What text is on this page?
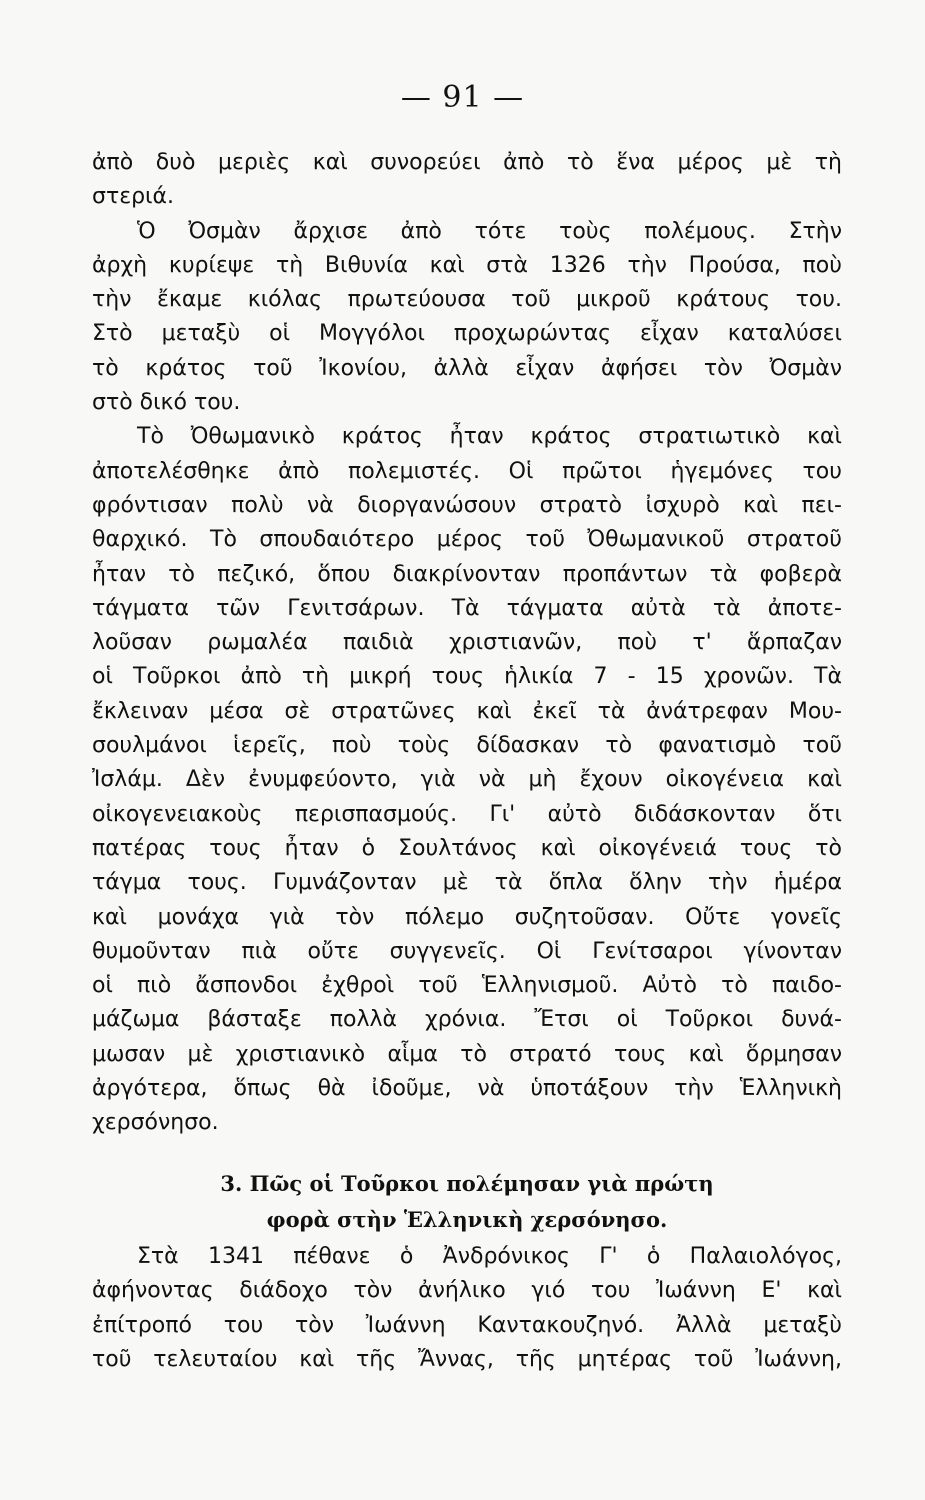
— 91 —
ἀπὸ δυὸ μεριὲς καὶ συνορεύει ἀπὸ τὸ ἕνα μέρος μὲ τὴ
στεριά.
Ὁ Ὀσμὰν ἄρχισε ἀπὸ τότε τοὺς πολέμους. Στὴν
ἀρχὴ κυρίεψε τὴ Βιθυνία καὶ στὰ 1326 τὴν Προύσα, ποὺ
τὴν ἔκαμε κιόλας πρωτεύουσα τοῦ μικροῦ κράτους του.
Στὸ μεταξὺ οἱ Μογγόλοι προχωρώντας εἶχαν καταλύσει
τὸ κράτος τοῦ Ἰκονίου, ἀλλὰ εἶχαν ἀφήσει τὸν Ὀσμὰν
στὸ δικό του.
Τὸ Ὀθωμανικὸ κράτος ἦταν κράτος στρατιωτικὸ καὶ
ἀποτελέσθηκε ἀπὸ πολεμιστές. Οἱ πρῶτοι ἡγεμόνες του
φρόντισαν πολὺ νὰ διοργανώσουν στρατὸ ἰσχυρὸ καὶ πει-
θαρχικό. Τὸ σπουδαιότερο μέρος τοῦ Ὀθωμανικοῦ στρατοῦ
ἦταν τὸ πεζικό, ὅπου διακρίνονταν προπάντων τὰ φοβερὰ
τάγματα τῶν Γενιτσάρων. Τὰ τάγματα αὐτὰ τὰ ἀποτε-
λοῦσαν ρωμαλέα παιδιὰ χριστιανῶν, ποὺ τ' ἅρπαζαν
οἱ Τοῦρκοι ἀπὸ τὴ μικρή τους ἡλικία 7 - 15 χρονῶν. Τὰ
ἔκλειναν μέσα σὲ στρατῶνες καὶ ἐκεῖ τὰ ἀνάτρεφαν Μου-
σουλμάνοι ἱερεῖς, ποὺ τοὺς δίδασκαν τὸ φανατισμὸ τοῦ
Ἰσλάμ. Δὲν ἐνυμφεύοντο, γιὰ νὰ μὴ ἔχουν οἰκογένεια καὶ
οἰκογενειακοὺς περισπασμούς. Γι' αὐτὸ διδάσκονταν ὅτι
πατέρας τους ἦταν ὁ Σουλτάνος καὶ οἰκογένειά τους τὸ
τάγμα τους. Γυμνάζονταν μὲ τὰ ὅπλα ὅλην τὴν ἡμέρα
καὶ μονάχα γιὰ τὸν πόλεμο συζητοῦσαν. Οὔτε γονεῖς
θυμοῦνταν πιὰ οὔτε συγγενεῖς. Οἱ Γενίτσαροι γίνονταν
οἱ πιὸ ἄσπονδοι ἐχθροὶ τοῦ Ἑλληνισμοῦ. Αὐτὸ τὸ παιδο-
μάζωμα βάσταξε πολλὰ χρόνια. Ἔτσι οἱ Τοῦρκοι δυνά-
μωσαν μὲ χριστιανικὸ αἷμα τὸ στρατό τους καὶ ὅρμησαν
ἀργότερα, ὅπως θὰ ἰδοῦμε, νὰ ὑποτάξουν τὴν Ἑλληνικὴ
χερσόνησο.
3. Πῶς οἱ Τοῦρκοι πολέμησαν γιὰ πρώτη
φορὰ στὴν Ἑλληνικὴ χερσόνησο.
Στὰ 1341 πέθανε ὁ Ἀνδρόνικος Γ' ὁ Παλαιολόγος,
ἀφήνοντας διάδοχο τὸν ἀνήλικο γιό του Ἰωάννη Ε' καὶ
ἐπίτροπό του τὸν Ἰωάννη Καντακουζηνό. Ἀλλὰ μεταξὺ
τοῦ τελευταίου καὶ τῆς Ἄννας, τῆς μητέρας τοῦ Ἰωάννη,
